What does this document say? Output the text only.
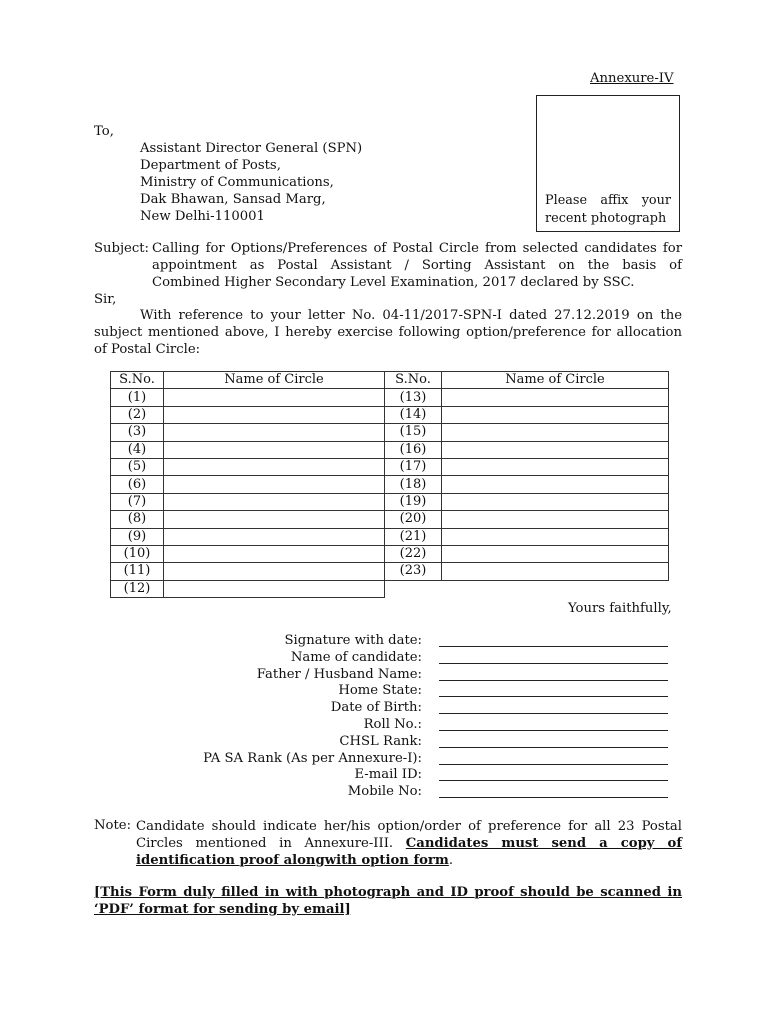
Annexure-IV
Please affix your recent photograph
To,
Assistant Director General (SPN)
Department of Posts,
Ministry of Communications,
Dak Bhawan, Sansad Marg,
New Delhi-110001
Subject: Calling for Options/Preferences of Postal Circle from selected candidates for
appointment as Postal Assistant / Sorting Assistant on the basis of
Combined Higher Secondary Level Examination, 2017 declared by SSC.
Sir,
With reference to your letter No. 04-11/2017-SPN-I dated 27.12.2019 on the
subject mentioned above, I hereby exercise following option/preference for allocation
of Postal Circle:
S.No.	Name of Circle	S.No.	Name of Circle
(1)		(13)	
(2)		(14)	
(3)		(15)	
(4)		(16)	
(5)		(17)	
(6)		(18)	
(7)		(19)	
(8)		(20)	
(9)		(21)	
(10)		(22)	
(11)		(23)	
(12)			
Yours faithfully,
Signature with date:
Name of candidate:
Father / Husband Name:
Home State:
Date of Birth:
Roll No.:
CHSL Rank:
PA SA Rank (As per Annexure-I):
E-mail ID:
Mobile No:
Note: Candidate should indicate her/his option/order of preference for all 23 Postal Circles mentioned in Annexure-III. Candidates must send a copy of identification proof alongwith option form.
[This Form duly filled in with photograph and ID proof should be scanned in ‘PDF’ format for sending by email]
